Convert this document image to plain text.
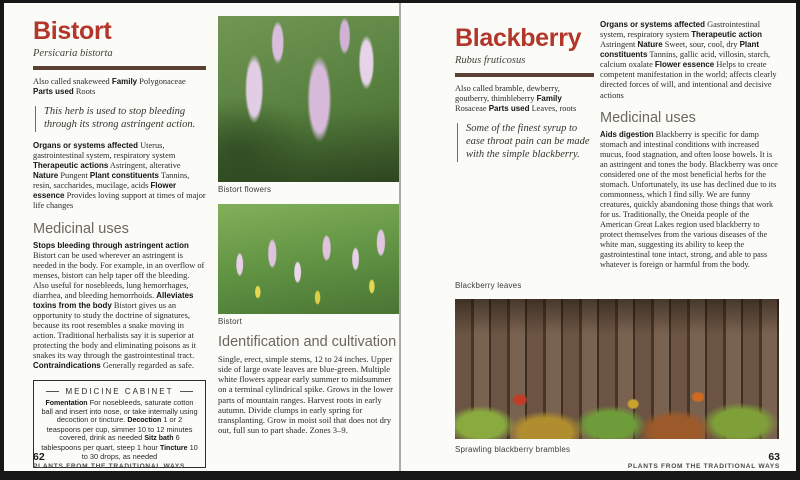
Bistort
Persicaria bistorta
Also called snakeweed Family Polygonaceae Parts used Roots
This herb is used to stop bleeding through its strong astringent action.
Organs or systems affected Uterus, gastrointestinal system, respiratory system Therapeutic actions Astringent, alterative Nature Pungent Plant constituents Tannins, resin, saccharides, mucilage, acids Flower essence Provides loving support at times of major life changes
Medicinal uses
Stops bleeding through astringent action Bistort can be used wherever an astringent is needed in the body. For example, in an overflow of menses, bistort can help taper off the bleeding. Also useful for nosebleeds, lung hemorrhages, diarrhea, and bleeding hemorrhoids. Alleviates toxins from the body Bistort gives us an opportunity to study the doctrine of signatures, because its root resembles a snake moving in action. Traditional herbalists say it is superior at protecting the body and eliminating poisons as it snakes its way through the gastrointestinal tract. Contraindications Generally regarded as safe.
MEDICINE CABINET
Fomentation For nosebleeds, saturate cotton ball and insert into nose, or take internally using decoction or tincture. Decoction 1 or 2 teaspoons per cup, simmer 10 to 12 minutes covered, drink as needed Sitz bath 6 tablespoons per quart, steep 1 hour Tincture 10 to 30 drops, as needed
Bistort flowers
Bistort
Identification and cultivation
Single, erect, simple stems, 12 to 24 inches. Upper side of large ovate leaves are blue-green. Multiple white flowers appear early summer to midsummer on a terminal cylindrical spike. Grows in the lower parts of mountain ranges. Harvest roots in early autumn. Divide clumps in early spring for transplanting. Grow in moist soil that does not dry out, full sun to part shade. Zones 3–9.
62
PLANTS FROM THE TRADITIONAL WAYS
Blackberry
Rubus fruticosus
Also called bramble, dewberry, goutberry, thimbleberry Family Rosaceae Parts used Leaves, roots
Some of the finest syrup to ease throat pain can be made with the simple blackberry.
Blackberry leaves
Organs or systems affected Gastrointestinal system, respiratory system Therapeutic action Astringent Nature Sweet, sour, cool, dry Plant constituents Tannins, gallic acid, villosin, starch, calcium oxalate Flower essence Helps to create competent manifestation in the world; affects clearly directed forces of will, and intentional and decisive actions
Medicinal uses
Aids digestion Blackberry is specific for damp stomach and intestinal conditions with increased mucus, food stagnation, and often loose bowels. It is an astringent and tones the body. Blackberry was once considered one of the most beneficial herbs for the stomach. Unfortunately, its use has declined due to its commonness, which I find silly. We are funny creatures, quickly abandoning those things that work for us. Traditionally, the Oneida people of the American Great Lakes region used blackberry to protect themselves from the various diseases of the white man, suggesting its ability to keep the gastrointestinal tone intact, strong, and able to pass whatever is foreign or harmful from the body.
Sprawling blackberry brambles
63
PLANTS FROM THE TRADITIONAL WAYS
